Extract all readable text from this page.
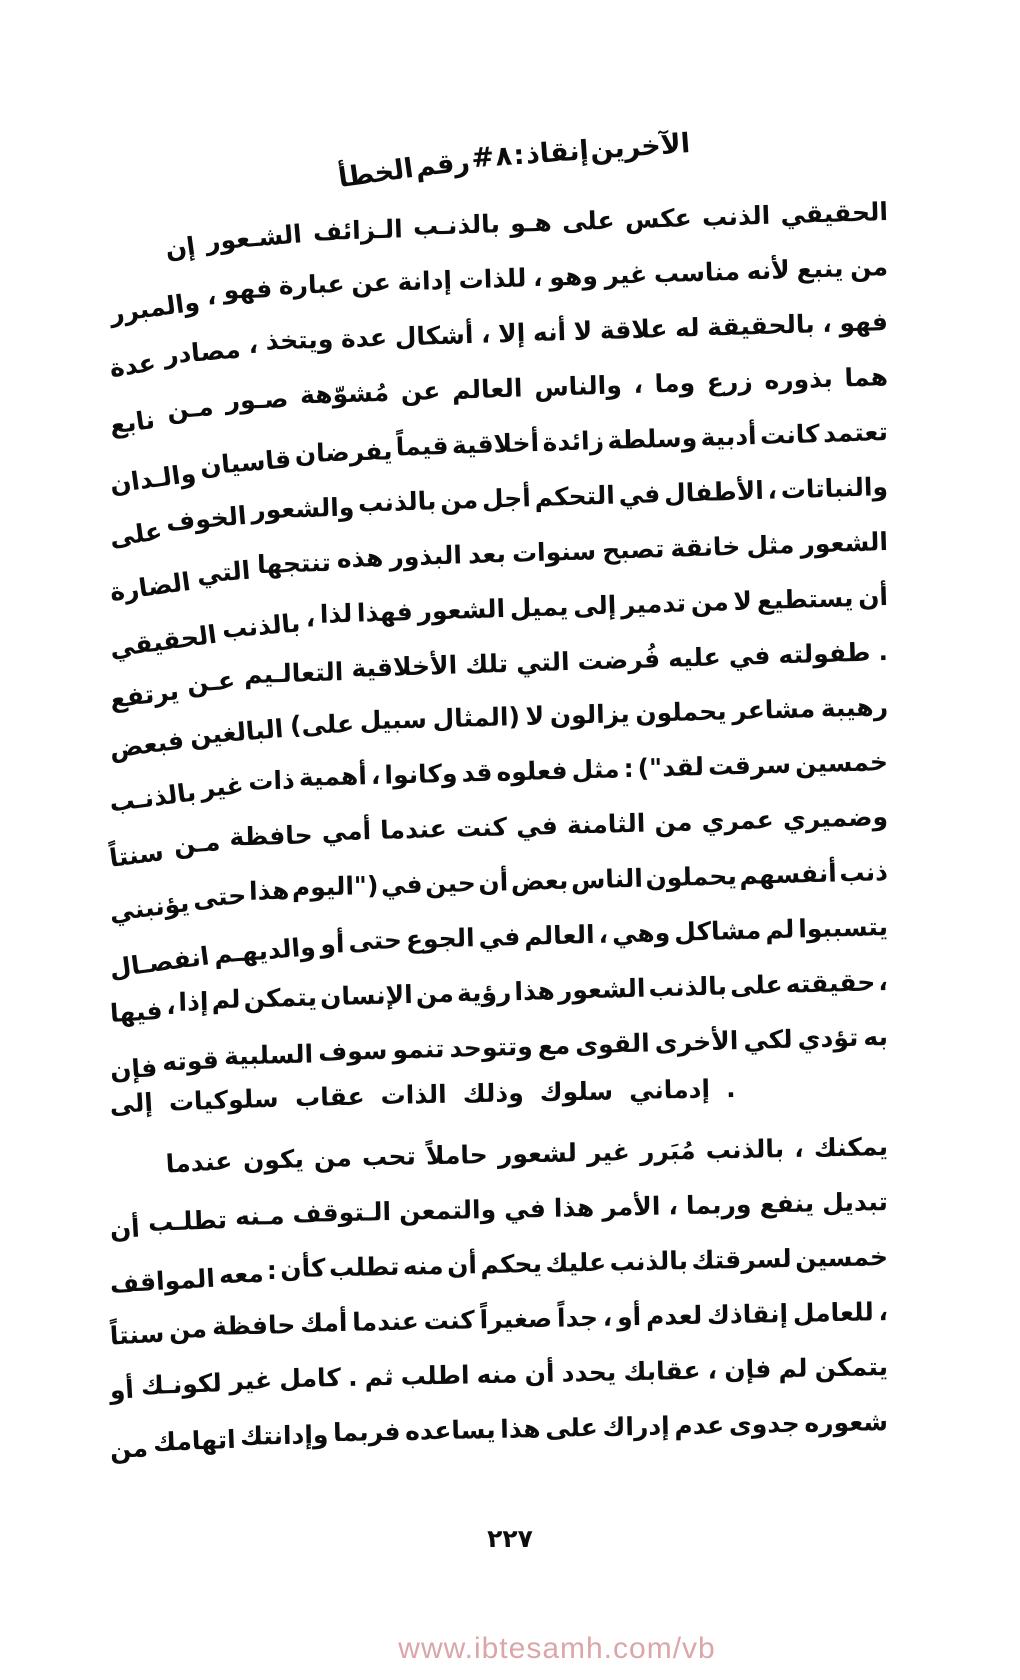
الخطأ
رقم # ٨ : إنقاذ الآخرين
إن الشـعور الـزائف بالذنـب هـو على عكس الذنب الحقيقي
والمبرر ، فهو عبارة عن إدانة للذات ، وهو غير مناسب لأنه ينبع من
عدة مصادر ، ويتخذ عدة أشكال ، إلا أنه لا علاقة له بالحقيقة ، فهو
نابع مـن صـور مُشوّهة عن العالم والناس ، وما زرع بذوره هما
والـدان قاسيان يفرضان قيماً أخلاقية زائدة وسلطة أدبية كانت تعتمد
على الخوف والشعور بالذنب من أجل التحكم في الأطفال ، والنباتات
الضارة التي تنتجها هذه البذور بعد سنوات تصبح خانقة مثل الشعور
الحقيقي بالذنب ، لذا فهذا الشعور يميل إلى تدمير من لا يستطيع أن
يرتفع عـن التعالـيم الأخلاقية تلك التي فُرضت عليه في طفولته .
فبعض البالغين (على سبيل المثال) لا يزالون يحملون مشاعر رهيبة
بالذنـب غير ذات أهمية ، وكانوا قد فعلوه مثل : ("لقد سرقت خمسين
سنتاً مـن حافظة أمي عندما كنت في الثامنة من عمري وضميري
يؤنبني حتى هذا اليوم") في حين أن بعض الناس يحملون أنفسهم ذنب
انفصـال والديهـم أو حتى الجوع في العالم ، وهي مشاكل لم يتسببوا
فيها ، إذا لم يتمكن الإنسان من رؤية هذا الشعور بالذنب على حقيقته ،
فإن قوته السلبية سوف تنمو وتتوحد مع القوى الأخرى لكي تؤدي به
إلى سلوكيات عقاب الذات وذلك سلوك إدماني .
عندما يكون من تحب حاملاً لشعور غير مُبَرر بالذنب ، يمكنك
أن تطلـب مـنه الـتوقف والتمعن في هذا الأمر ، وربما ينفع تبديل
المواقف معه : كأن تطلب منه أن يحكم عليك بالذنب لسرقتك خمسين
سنتاً من حافظة أمك عندما كنت صغيراً جداً ، أو لعدم إنقاذك للعامل ،
أو لكونـك غير كامل . ثم اطلب منه أن يحدد عقابك ، فإن لم يتمكن
من اتهامك وإدانتك فربما يساعده هذا على إدراك عدم جدوى شعوره
٢٢٧
www.ibtesamh.com/vb
